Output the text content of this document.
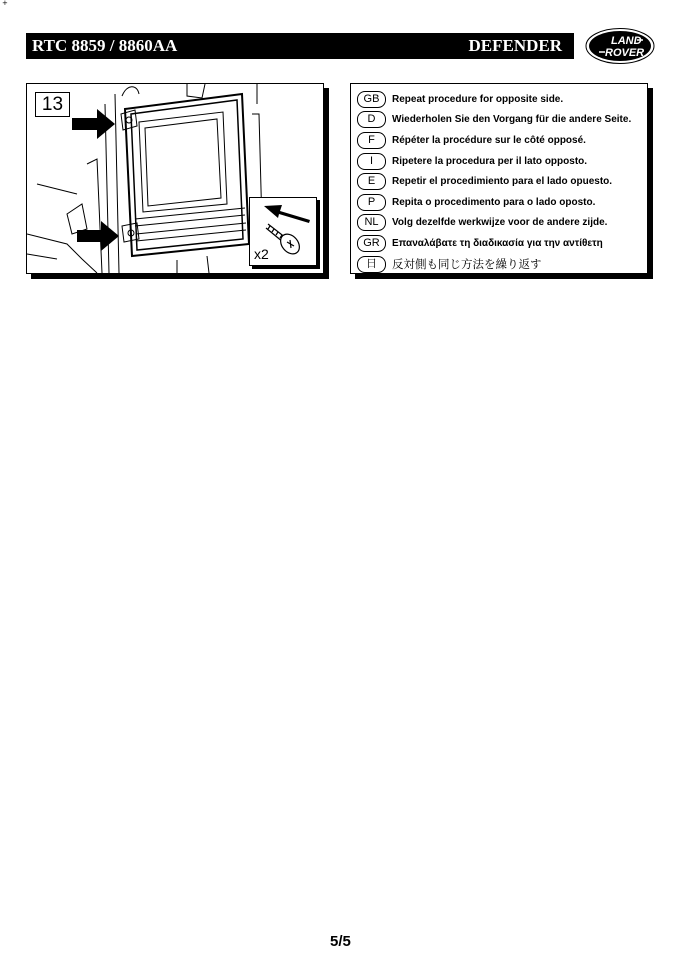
+
RTC 8859 / 8860AA	DEFENDER	LAND
ROVER
13
x2
GB	Repeat procedure for opposite side.
D	Wiederholen Sie den Vorgang für die andere Seite.
F	Répéter la procédure sur le côté opposé.
I	Ripetere la procedura per il lato opposto.
E	Repetir el procedimiento para el lado opuesto.
P	Repita o procedimento para o lado oposto.
NL	Volg dezelfde werkwijze voor de andere zijde.
GR	Επαναλάβατε τη διαδικασία για την αντίθετη
日	反対側も同じ方法を繰り返す
5/5
